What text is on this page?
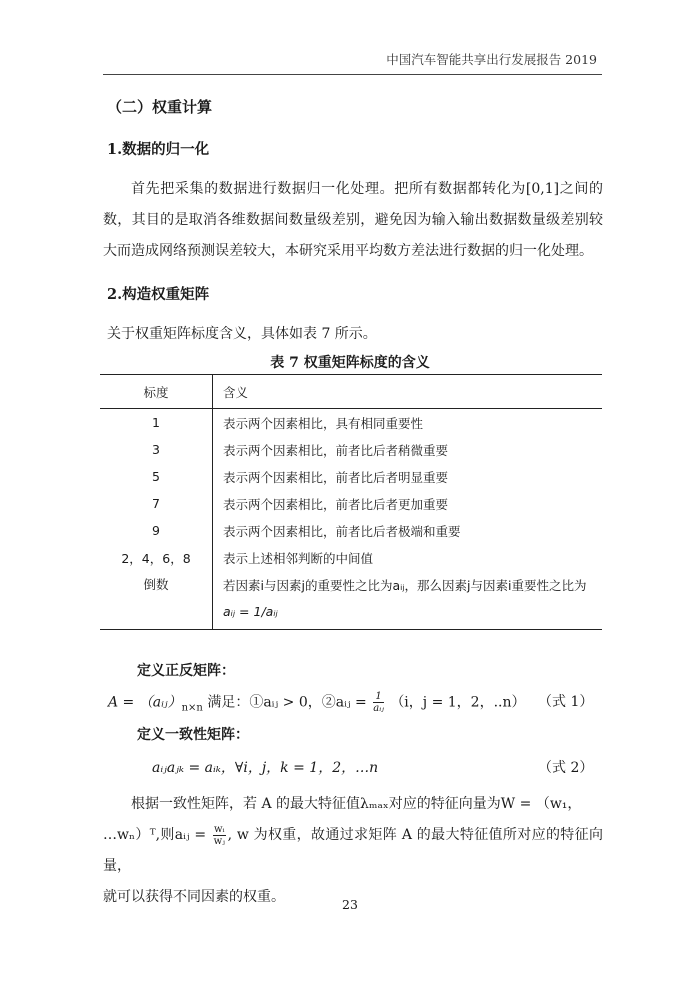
中国汽车智能共享出行发展报告 2019
（二）权重计算
1.数据的归一化

首先把采集的数据进行数据归一化处理。把所有数据都转化为[0,1]之间的数，其目的是取消各维数据间数量级差别，避免因为输入输出数据数量级差别较大而造成网络预测误差较大，本研究采用平均数方差法进行数据的归一化处理。

2.构造权重矩阵
关于权重矩阵标度含义，具体如表 7 所示。
表 7 权重矩阵标度的含义
标度	含义
1	表示两个因素相比，具有相同重要性
3	表示两个因素相比，前者比后者稍微重要
5	表示两个因素相比，前者比后者明显重要
7	表示两个因素相比，前者比后者更加重要
9	表示两个因素相比，前者比后者极端和重要
2，4，6，8	表示上述相邻判断的中间值
倒数	若因素i与因素j的重要性之比为aᵢⱼ，那么因素j与因素i重要性之比为
aᵢⱼ = 1/aᵢⱼ
定义正反矩阵：
$A = (aᵢⱼ)_{n\times n}$ 满足：①aᵢⱼ > 0，②aᵢⱼ = $\frac{1}{\text{aᵢⱼ}} (i$，j = 1，2，..n） （式 1）
定义一致性矩阵：
aᵢⱼaⱼₖ = aᵢₖ，∀i，j，k = 1，2，…n	（式 2）
根据一致性矩阵，若 A 的最大特征值λₘₐₓ对应的特征向量为W = （w₁，
…wₙ）ᵀ,则aᵢⱼ = $\frac{\text{wᵢ}}{\text{wⱼ}}$ , w 为权重，故通过求矩阵 A 的最大特征值所对应的特征向量，
就可以获得不同因素的权重。	23
